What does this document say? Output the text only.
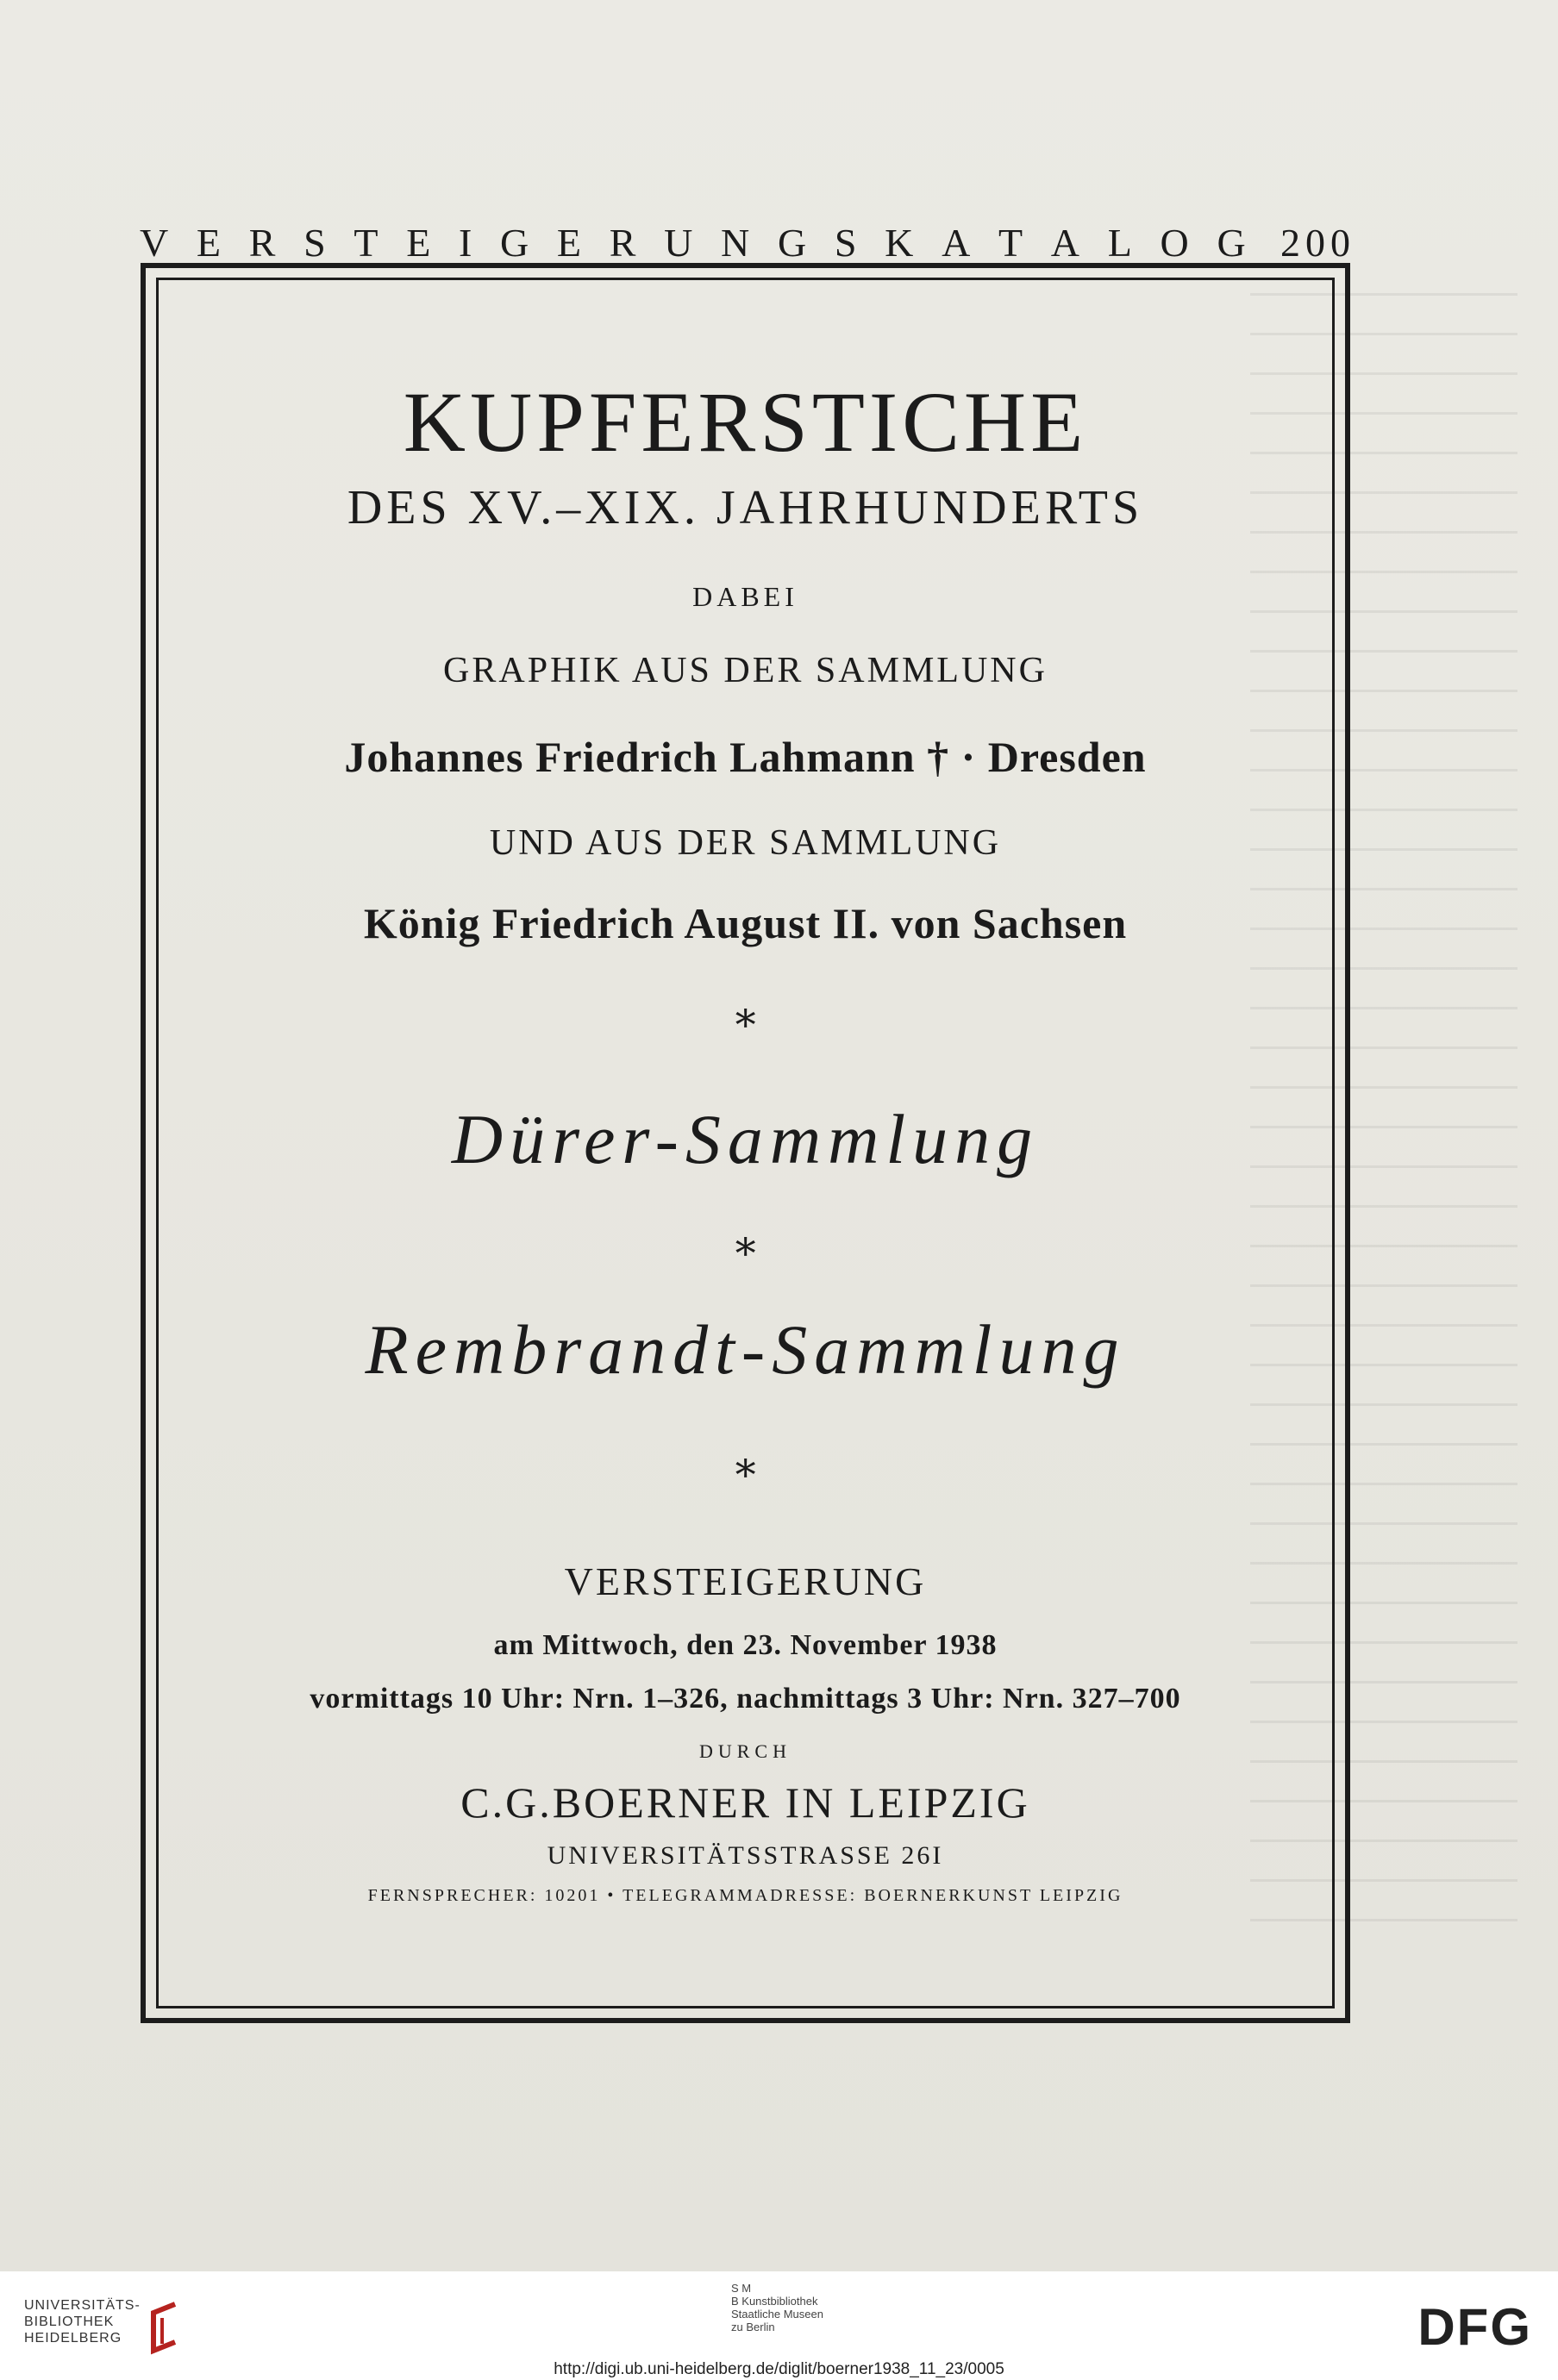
V E R S T E I G E R U N G S K A T A L O G 200
KUPFERSTICHE
DES XV.–XIX. JAHRHUNDERTS
DABEI
GRAPHIK AUS DER SAMMLUNG
Johannes Friedrich Lahmann † · Dresden
UND AUS DER SAMMLUNG
König Friedrich August II. von Sachsen
∗
Dürer-Sammlung
∗
Rembrandt-Sammlung
∗
VERSTEIGERUNG
am Mittwoch, den 23. November 1938
vormittags 10 Uhr: Nrn. 1–326, nachmittags 3 Uhr: Nrn. 327–700
DURCH
C.G.BOERNER IN LEIPZIG
UNIVERSITÄTSSTRASSE 26I
FERNSPRECHER: 10201 • TELEGRAMMADRESSE: BOERNERKUNST LEIPZIG
UNIVERSITÄTS-
BIBLIOTHEK
HEIDELBERG
S M
B Kunstbibliothek
Staatliche Museen
zu Berlin	DFG
http://digi.ub.uni-heidelberg.de/diglit/boerner1938_11_23/0005
